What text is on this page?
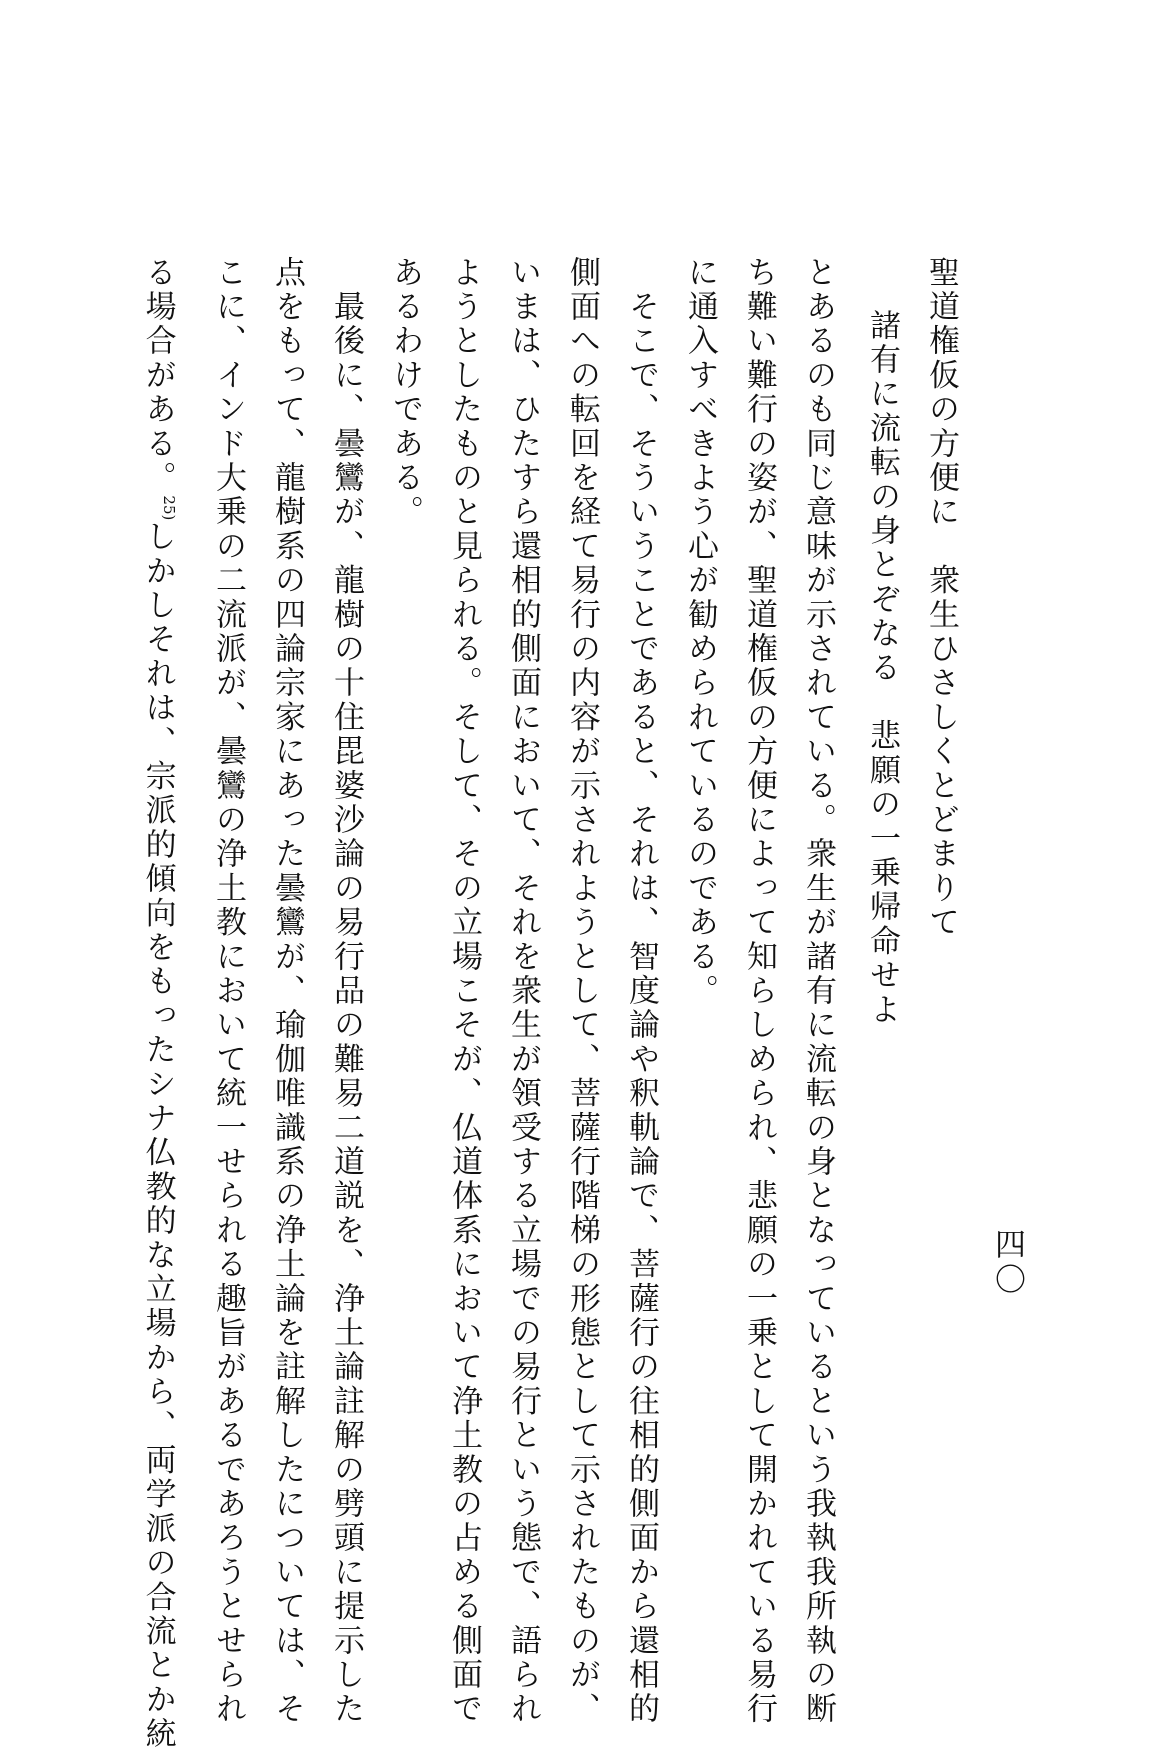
四〇

聖道権仮の方便に　衆生ひさしくとどまりて

諸有に流転の身とぞなる　悲願の一乗帰命せよ

とあるのも同じ意味が示されている。衆生が諸有に流転の身となっているという我執我所執の断

ち難い難行の姿が、聖道権仮の方便によって知らしめられ、悲願の一乗として開かれている易行

に通入すべきよう心が勧められているのである。

　そこで、そういうことであると、それは、智度論や釈軌論で、菩薩行の往相的側面から還相的

側面への転回を経て易行の内容が示されようとして、菩薩行階梯の形態として示されたものが、

いまは、ひたすら還相的側面において、それを衆生が領受する立場での易行という態で、語られ

ようとしたものと見られる。そして、その立場こそが、仏道体系において浄土教の占める側面で

あるわけである。

　最後に、曇鸞が、龍樹の十住毘婆沙論の易行品の難易二道説を、浄土論註解の劈頭に提示した

点をもって、龍樹系の四論宗家にあった曇鸞が、瑜伽唯識系の浄土論を註解したについては、そ

こに、インド大乗の二流派が、曇鸞の浄土教において統一せられる趣旨があるであろうとせられ

る場合がある。$^{25)}$しかしそれは、宗派的傾向をもったシナ仏教的な立場から、両学派の合流とか統
